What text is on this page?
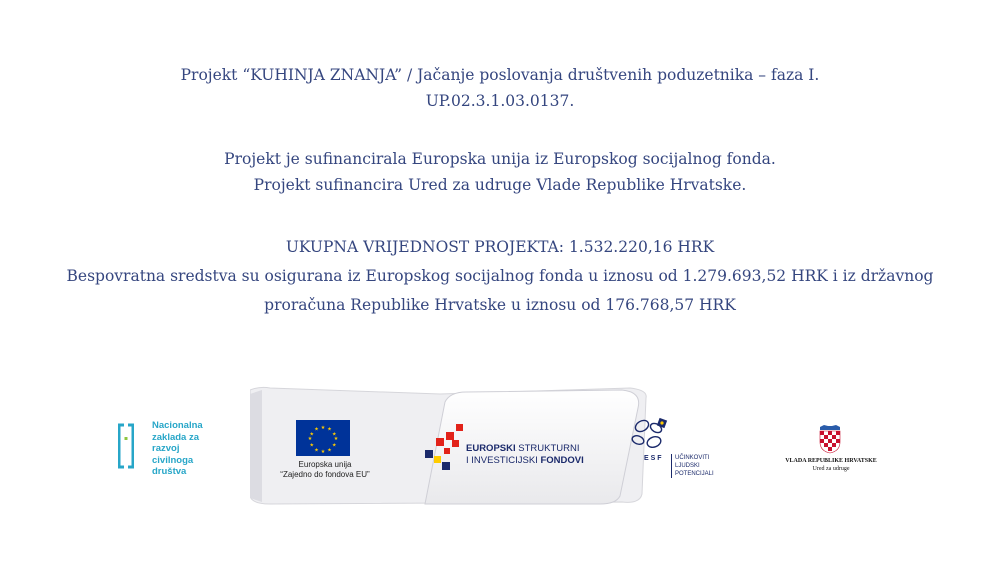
Projekt “KUHINJA ZNANJA” / Jačanje poslovanja društvenih poduzetnika – faza I.
UP.02.3.1.03.0137.
Projekt je sufinancirala Europska unija iz Europskog socijalnog fonda.
Projekt sufinancira Ured za udruge Vlade Republike Hrvatske.
UKUPNA VRIJEDNOST PROJEKTA: 1.532.220,16 HRK
Bespovratna sredstva su osigurana iz Europskog socijalnog fonda u iznosu od 1.279.693,52 HRK i iz državnog
proračuna Republike Hrvatske u iznosu od 176.768,57 HRK
Nacionalna
zaklada za
razvoj
civilnoga
društva
★ ★
★
★
★
★
★
★
★
★
★
★
Europska unija
“Zajedno do fondova EU”
EUROPSKI STRUKTURNI
I INVESTICIJSKI FONDOVI	E S F	UČINKOVITI
LJUDSKI
POTENCIJALI
VLADA REPUBLIKE HRVATSKE
Ured za udruge
